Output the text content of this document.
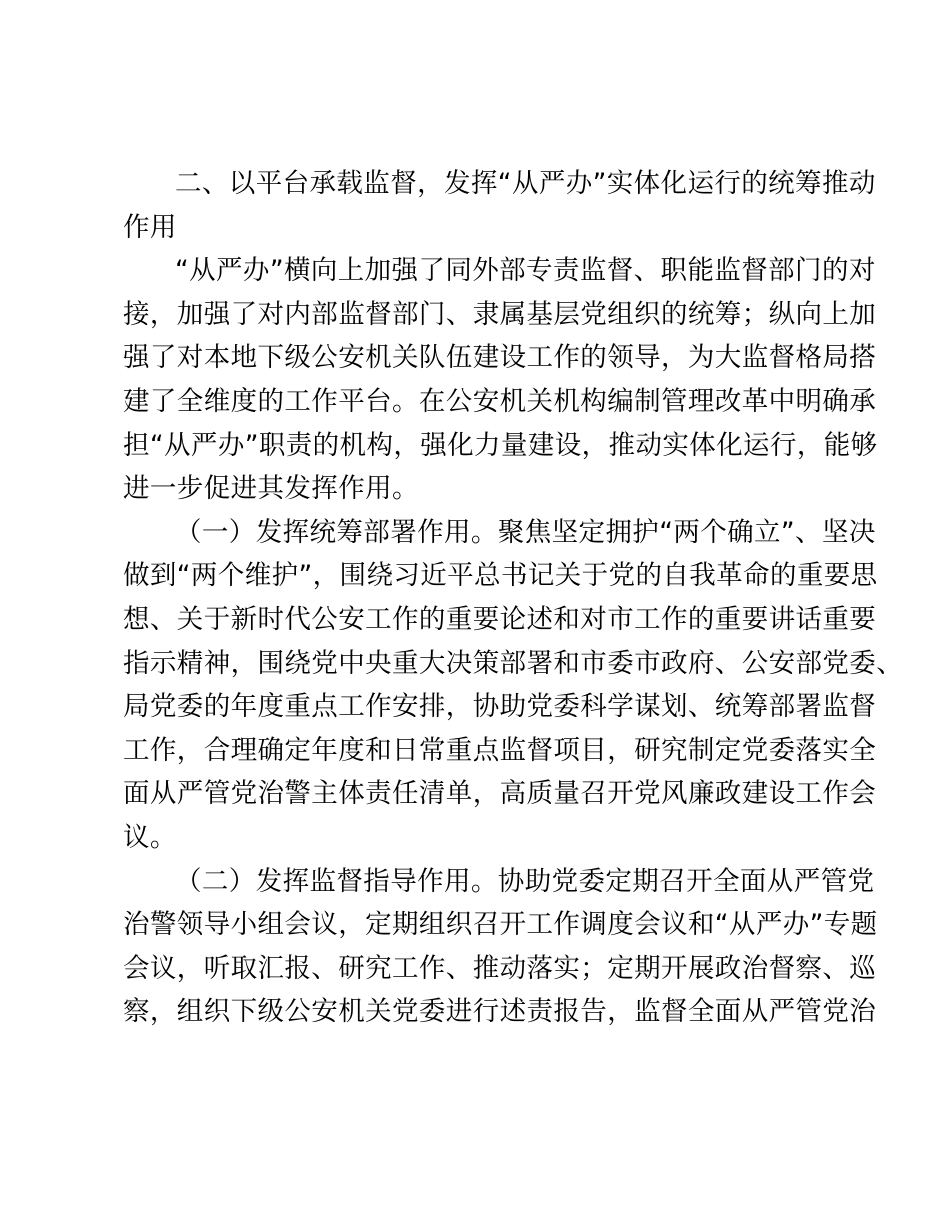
二、以平台承载监督，发挥“从严办”实体化运行的统筹推动
作用
“从严办”横向上加强了同外部专责监督、职能监督部门的对
接，加强了对内部监督部门、隶属基层党组织的统筹；纵向上加
强了对本地下级公安机关队伍建设工作的领导，为大监督格局搭
建了全维度的工作平台。在公安机关机构编制管理改革中明确承
担“从严办”职责的机构，强化力量建设，推动实体化运行，能够
进一步促进其发挥作用。
（一）发挥统筹部署作用。聚焦坚定拥护“两个确立”、坚决
做到“两个维护”，围绕习近平总书记关于党的自我革命的重要思
想、关于新时代公安工作的重要论述和对市工作的重要讲话重要
指示精神，围绕党中央重大决策部署和市委市政府、公安部党委、
局党委的年度重点工作安排，协助党委科学谋划、统筹部署监督
工作，合理确定年度和日常重点监督项目，研究制定党委落实全
面从严管党治警主体责任清单，高质量召开党风廉政建设工作会
议。
（二）发挥监督指导作用。协助党委定期召开全面从严管党
治警领导小组会议，定期组织召开工作调度会议和“从严办”专题
会议，听取汇报、研究工作、推动落实；定期开展政治督察、巡
察，组织下级公安机关党委进行述责报告，监督全面从严管党治
